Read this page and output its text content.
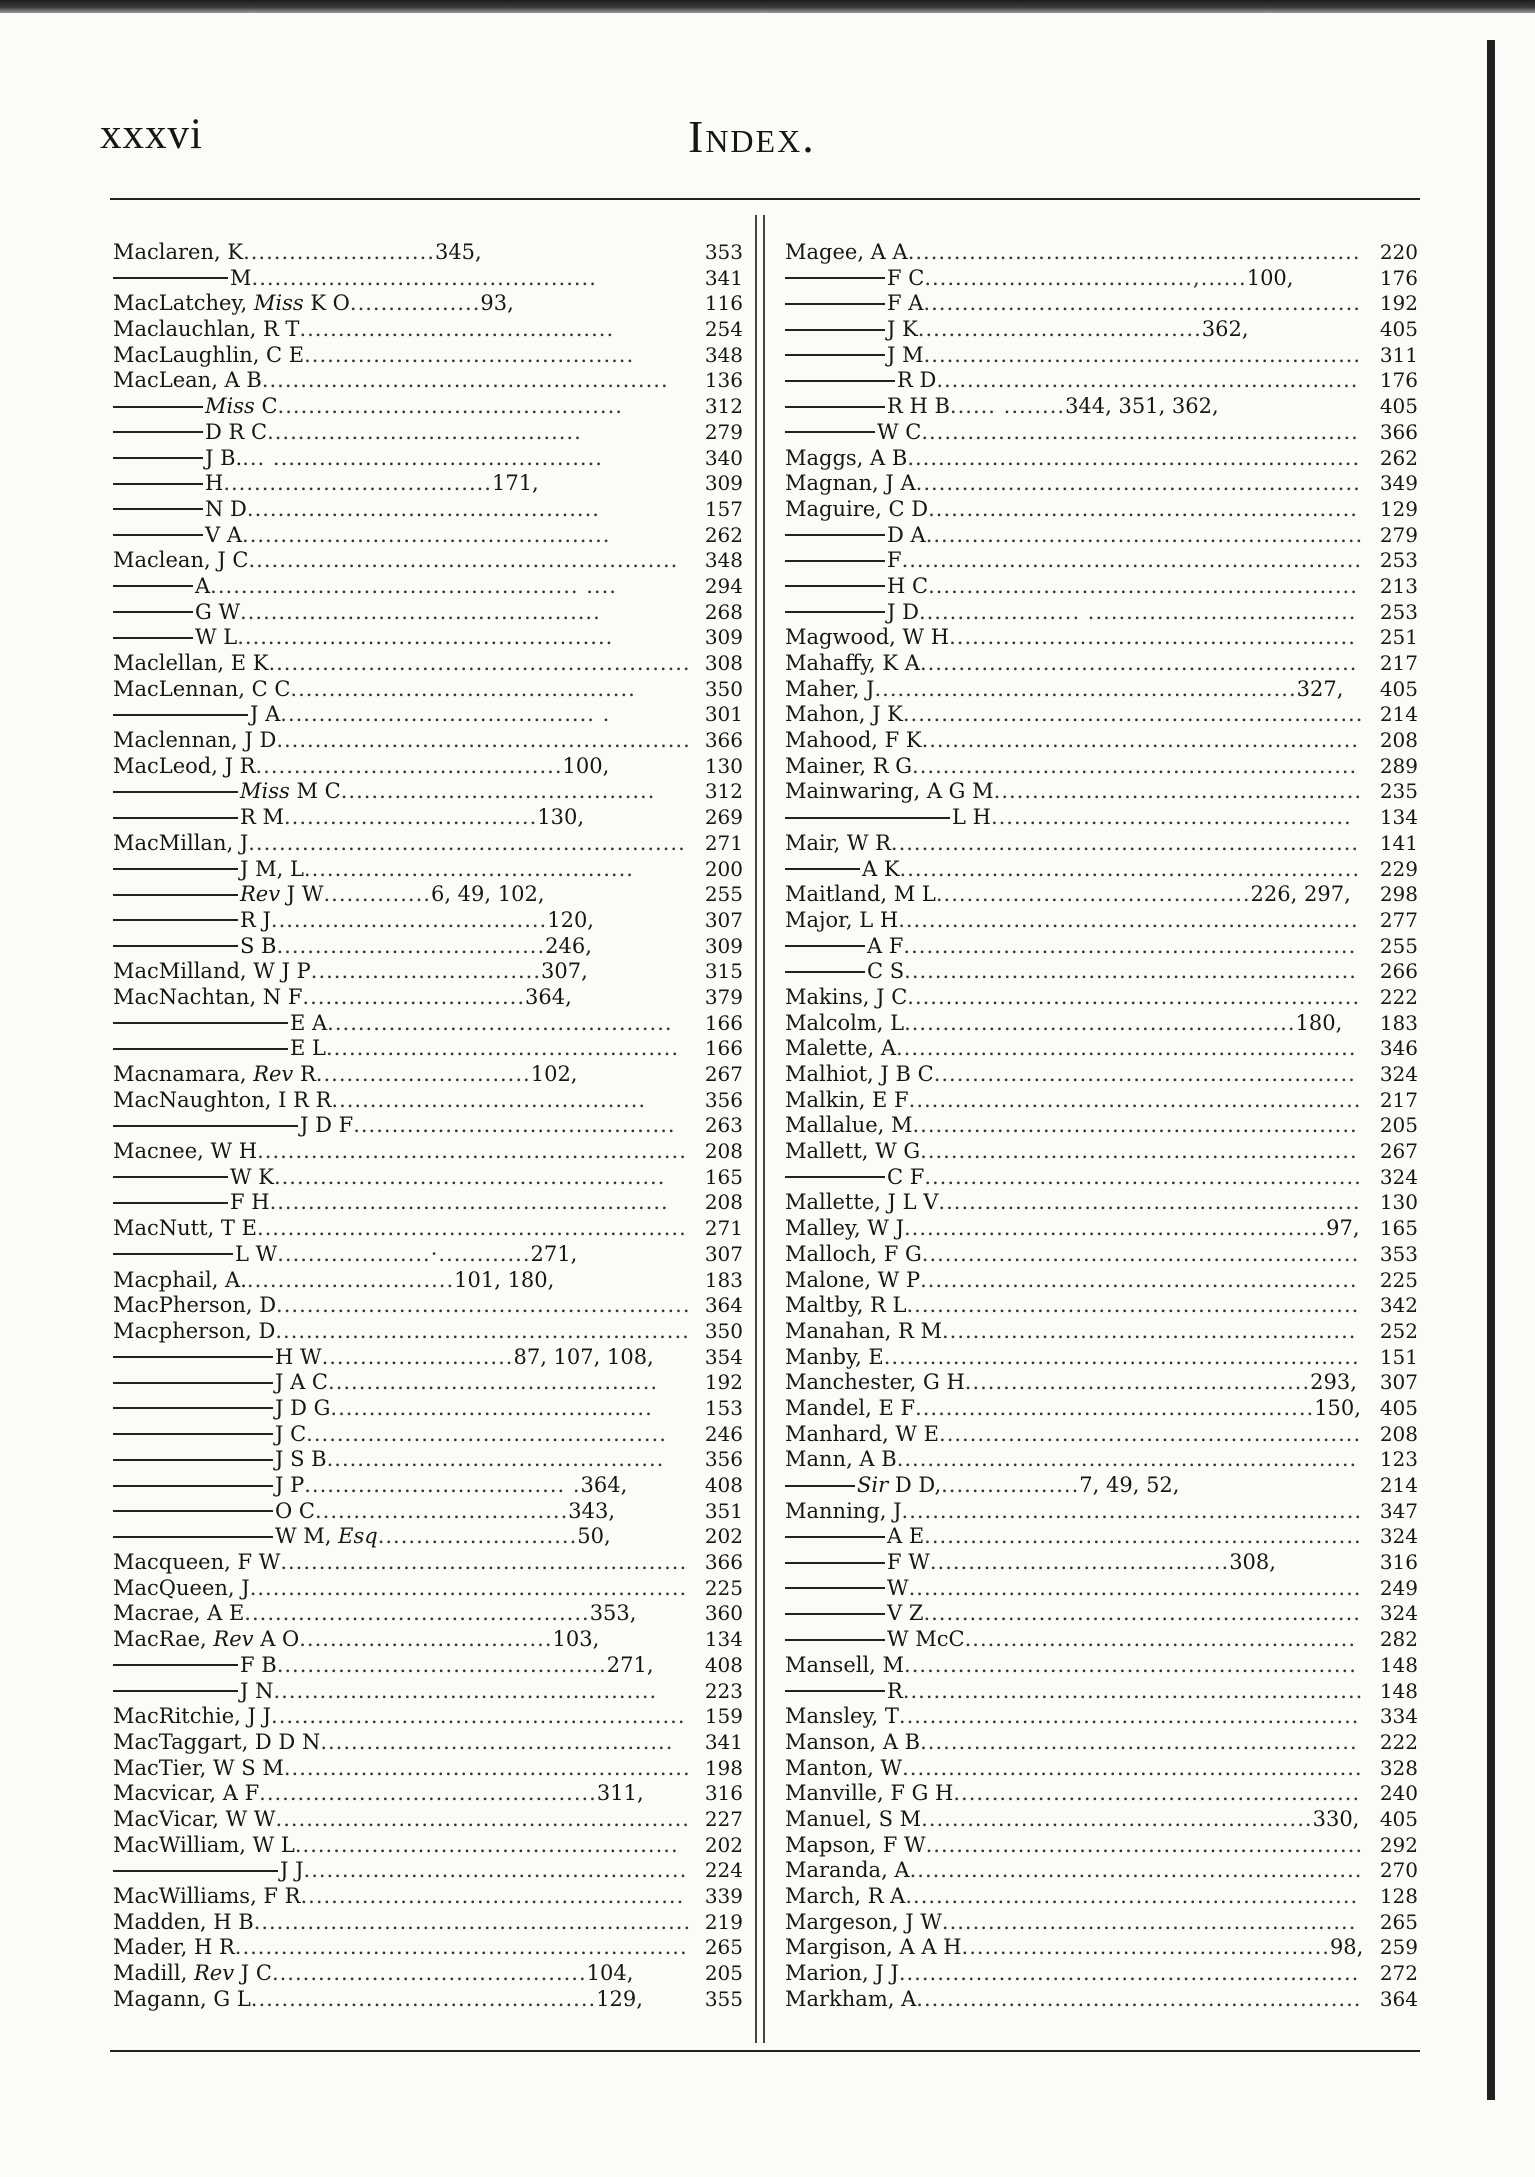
xxxvi	Index.
Maclaren, K.........................345,	353
M.............................................	341
MacLatchey, Miss K O.................93,	116
Maclauchlan, R T.........................................	254
MacLaughlin, C E...........................................	348
MacLean, A B..................................................... 136
Miss C.............................................	312
D R C.........................................	279
J B.... ...........................................	340
H...................................171,	309
N D..............................................	157
V A................................................	262
Maclean, J C........................................................ 348
A................................................ ....	294
G W...............................................	268
W L.................................................	309
Maclellan, E K....................................................... 308
MacLennan, C C.............................................	350
J A......................................... .	301
Maclennan, J D...................................................... 366
MacLeod, J R........................................100,	130
Miss M C......................................... 312
R M.................................130,	269
MacMillan, J......................................................... 271
J M, L...........................................	200
Rev J W..............6, 49, 102,	255
R J....................................120,	307
S B...................................246,	309
MacMilland, W J P..............................307,	315
MacNachtan, N F.............................364,	379
E A............................................. 166
E L.............................................. 166
Macnamara, Rev R............................102,	267
MacNaughton, I R R.........................................	356
J D F.......................................... 263
Macnee, W H........................................................ 208
W K................................................... 165
F H.................................................... 208
MacNutt, T E........................................................ 271
L W....................·............271,	307
Macphail, A............................101, 180,	183
MacPherson, D...................................................... 364
Macpherson, D...................................................... 350
H W.........................87, 107, 108,	354
J A C........................................... 192
J D G..........................................	153
J C............................................... 246
J S B............................................ 356
J P.................................. .364,	408
O C.................................343,	351
W M, Esq..........................50,	202
Macqueen, F W..................................................... 366
MacQueen, J......................................................... 225
Macrae, A E.............................................353,	360
MacRae, Rev A O.................................103,	134
F B...........................................271,	408
J N.................................................. 223
MacRitchie, J J...................................................... 159
MacTaggart, D D N.............................................. 341
MacTier, W S M..................................................... 198
Macvicar, A F............................................311,	316
MacVicar, W W...................................................... 227
MacWilliam, W L.................................................. 202
J J.................................................. 224
MacWilliams, F R.................................................. 339
Madden, H B......................................................... 219
Mader, H R........................................................... 265
Madill, Rev J C.........................................104,	205
Magann, G L.............................................129,	355
Magee, A A........................................................... 220
F C...................................,......100,	176
F A......................................................... 192
J K.....................................362,	405
J M......................................................... 311
R D....................................................... 176
R H B...... ........344, 351, 362,	405
W C......................................................... 366
Maggs, A B........................................................... 262
Magnan, J A.......................................................... 349
Maguire, C D........................................................ 129
D A......................................................... 279
F............................................................ 253
H C........................................................ 213
J D..................... ................................... 253
Magwood, W H..................................................... 251
Mahaffy, K A......................................................... 217
Maher, J.......................................................327, 405
Mahon, J K............................................................ 214
Mahood, F K......................................................... 208
Mainer, R G.......................................................... 289
Mainwaring, A G M................................................ 235
L H............................................... 134
Mair, W R............................................................. 141
A K............................................................ 229
Maitland, M L.........................................226, 297, 298
Major, L H............................................................ 277
A F........................................................... 255
C S........................................................... 266
Makins, J C........................................................... 222
Malcolm, L...................................................180, 183
Malette, A............................................................ 346
Malhiot, J B C....................................................... 324
Malkin, E F........................................................... 217
Mallalue, M.......................................................... 205
Mallett, W G......................................................... 267
C F......................................................... 324
Mallette, J L V....................................................... 130
Malley, W J.......................................................97, 165
Malloch, F G......................................................... 353
Malone, W P......................................................... 225
Maltby, R L........................................................... 342
Manahan, R M...................................................... 252
Manby, E.............................................................. 151
Manchester, G H.............................................293, 307
Mandel, E F....................................................150, 405
Manhard, W E....................................................... 208
Mann, A B............................................................ 123
Sir D D,..................7, 49, 52,	214
Manning, J............................................................ 347
A E......................................................... 324
F W.......................................308,	316
W........................................................... 249
V Z......................................................... 324
W McC................................................... 282
Mansell, M........................................................... 148
R............................................................ 148
Mansley, T............................................................ 334
Manson, A B......................................................... 222
Manton, W............................................................ 328
Manville, F G H..................................................... 240
Manuel, S M...................................................330, 405
Mapson, F W......................................................... 292
Maranda, A........................................................... 270
March, R A........................................................... 128
Margeson, J W...................................................... 265
Margison, A A H................................................98, 259
Marion, J J............................................................ 272
Markham, A.......................................................... 364
